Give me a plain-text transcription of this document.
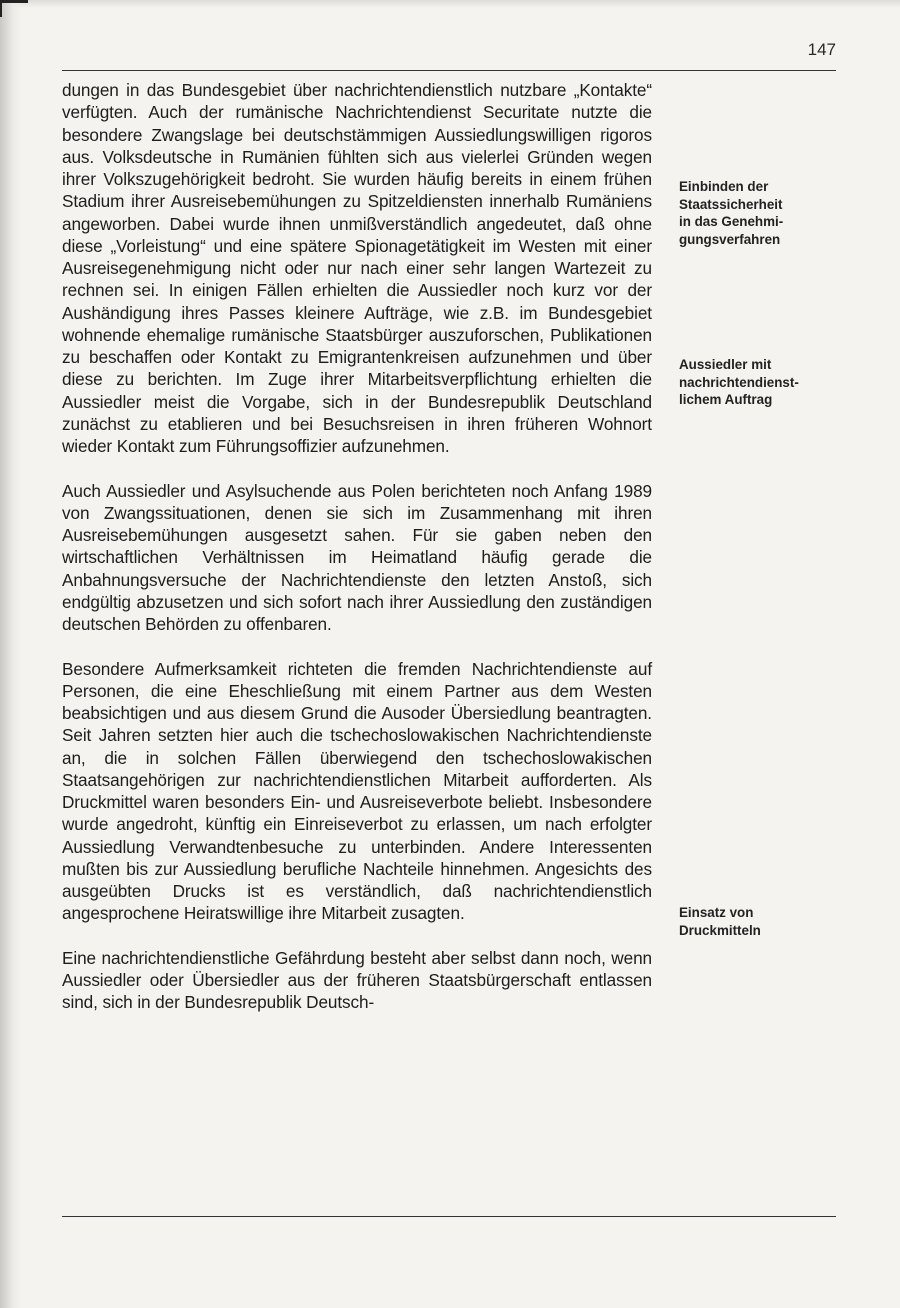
147

dungen in das Bundesgebiet über nachrichtendienstlich nutzbare „Kontakte“ verfügten. Auch der rumänische Nachrichtendienst Securitate nutzte die besondere Zwangslage bei deutschstämmigen Aussiedlungswilligen rigoros aus. Volksdeutsche in Rumänien fühlten sich aus vielerlei Gründen wegen ihrer Volkszugehörigkeit bedroht. Sie wurden häufig bereits in einem frühen Stadium ihrer Ausreisebemühungen zu Spitzeldiensten innerhalb Rumäniens angeworben. Dabei wurde ihnen unmißverständlich angedeutet, daß ohne diese „Vorleistung“ und eine spätere Spionagetätigkeit im Westen mit einer Ausreisegenehmigung nicht oder nur nach einer sehr langen Wartezeit zu rechnen sei. In einigen Fällen erhielten die Aussiedler noch kurz vor der Aushändigung ihres Passes kleinere Aufträge, wie z.B. im Bundesgebiet wohnende ehemalige rumänische Staatsbürger auszuforschen, Publikationen zu beschaffen oder Kontakt zu Emigrantenkreisen aufzunehmen und über diese zu berichten. Im Zuge ihrer Mitarbeitsverpflichtung erhielten die Aussiedler meist die Vorgabe, sich in der Bundesrepublik Deutschland zunächst zu etablieren und bei Besuchsreisen in ihren früheren Wohnort wieder Kontakt zum Führungsoffizier aufzunehmen.

Auch Aussiedler und Asylsuchende aus Polen berichteten noch Anfang 1989 von Zwangssituationen, denen sie sich im Zusammenhang mit ihren Ausreisebemühungen ausgesetzt sahen. Für sie gaben neben den wirtschaftlichen Verhältnissen im Heimatland häufig gerade die Anbahnungsversuche der Nachrichtendienste den letzten Anstoß, sich endgültig abzusetzen und sich sofort nach ihrer Aussiedlung den zuständigen deutschen Behörden zu offenbaren.

Besondere Aufmerksamkeit richteten die fremden Nachrichtendienste auf Personen, die eine Eheschließung mit einem Partner aus dem Westen beabsichtigen und aus diesem Grund die Ausoder Übersiedlung beantragten. Seit Jahren setzten hier auch die tschechoslowakischen Nachrichtendienste an, die in solchen Fällen überwiegend den tschechoslowakischen Staatsangehörigen zur nachrichtendienstlichen Mitarbeit aufforderten. Als Druckmittel waren besonders Ein- und Ausreiseverbote beliebt. Insbesondere wurde angedroht, künftig ein Einreiseverbot zu erlassen, um nach erfolgter Aussiedlung Verwandtenbesuche zu unterbinden. Andere Interessenten mußten bis zur Aussiedlung berufliche Nachteile hinnehmen. Angesichts des ausgeübten Drucks ist es verständlich, daß nachrichtendienstlich angesprochene Heiratswillige ihre Mitarbeit zusagten.

Eine nachrichtendienstliche Gefährdung besteht aber selbst dann noch, wenn Aussiedler oder Übersiedler aus der früheren Staatsbürgerschaft entlassen sind, sich in der Bundesrepublik Deutsch-

Einbinden der
Staatssicherheit
in das Genehmi-
gungsverfahren
Aussiedler mit
nachrichtendienst-
lichem Auftrag
Einsatz von
Druckmitteln
